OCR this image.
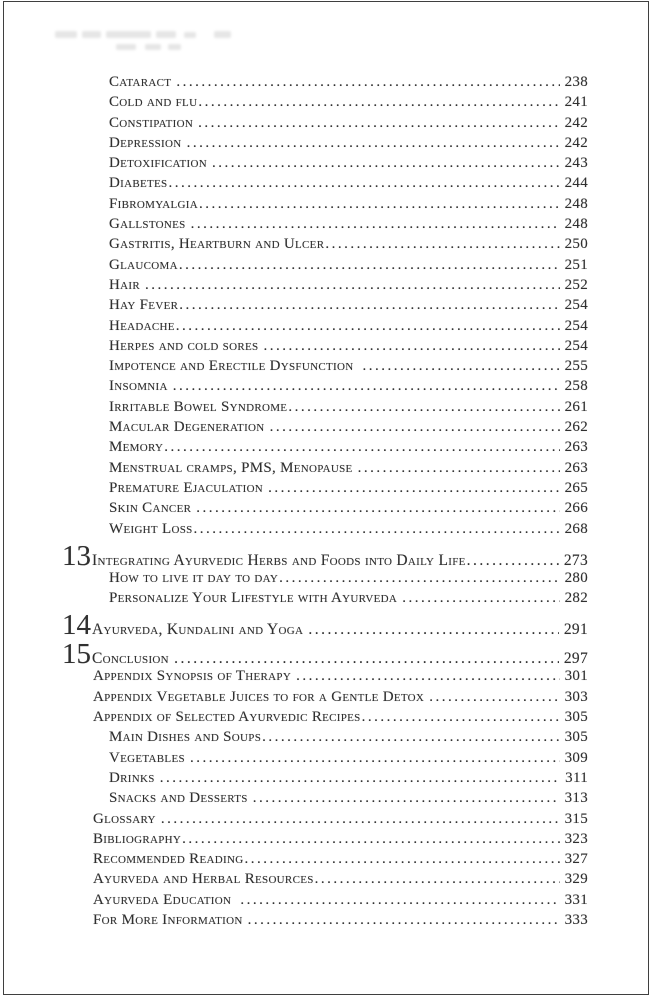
Cataract .....	238
Cold and flu .....	241
Constipation .....	242
Depression .....	242
Detoxification .....	243
Diabetes .....	244
Fibromyalgia .....	248
Gallstones .....	248
Gastritis, Heartburn and Ulcer .....	250
Glaucoma .....	251
Hair .....	252
Hay Fever .....	254
Headache .....	254
Herpes and cold sores .....	254
Impotence and Erectile Dysfunction .....	255
Insomnia .....	258
Irritable Bowel Syndrome .....	261
Macular Degeneration .....	262
Memory .....	263
Menstrual cramps, PMS, Menopause .....	263
Premature Ejaculation .....	265
Skin Cancer .....	266
Weight Loss .....	268
13 Integrating Ayurvedic Herbs and Foods into Daily Life .....	273
How to live it day to day .....	280
Personalize Your Lifestyle with Ayurveda .....	282
14 Ayurveda, Kundalini and Yoga .....	291
15 Conclusion .....	297
Appendix Synopsis of Therapy .....	301
Appendix Vegetable Juices to for a Gentle Detox .....	303
Appendix of Selected Ayurvedic Recipes .....	305
Main Dishes and Soups .....	305
Vegetables .....	309
Drinks .....	311
Snacks and Desserts .....	313
Glossary .....	315
Bibliography .....	323
Recommended Reading .....	327
Ayurveda and Herbal Resources .....	329
Ayurveda Education .....	331
For More Information .....	333
